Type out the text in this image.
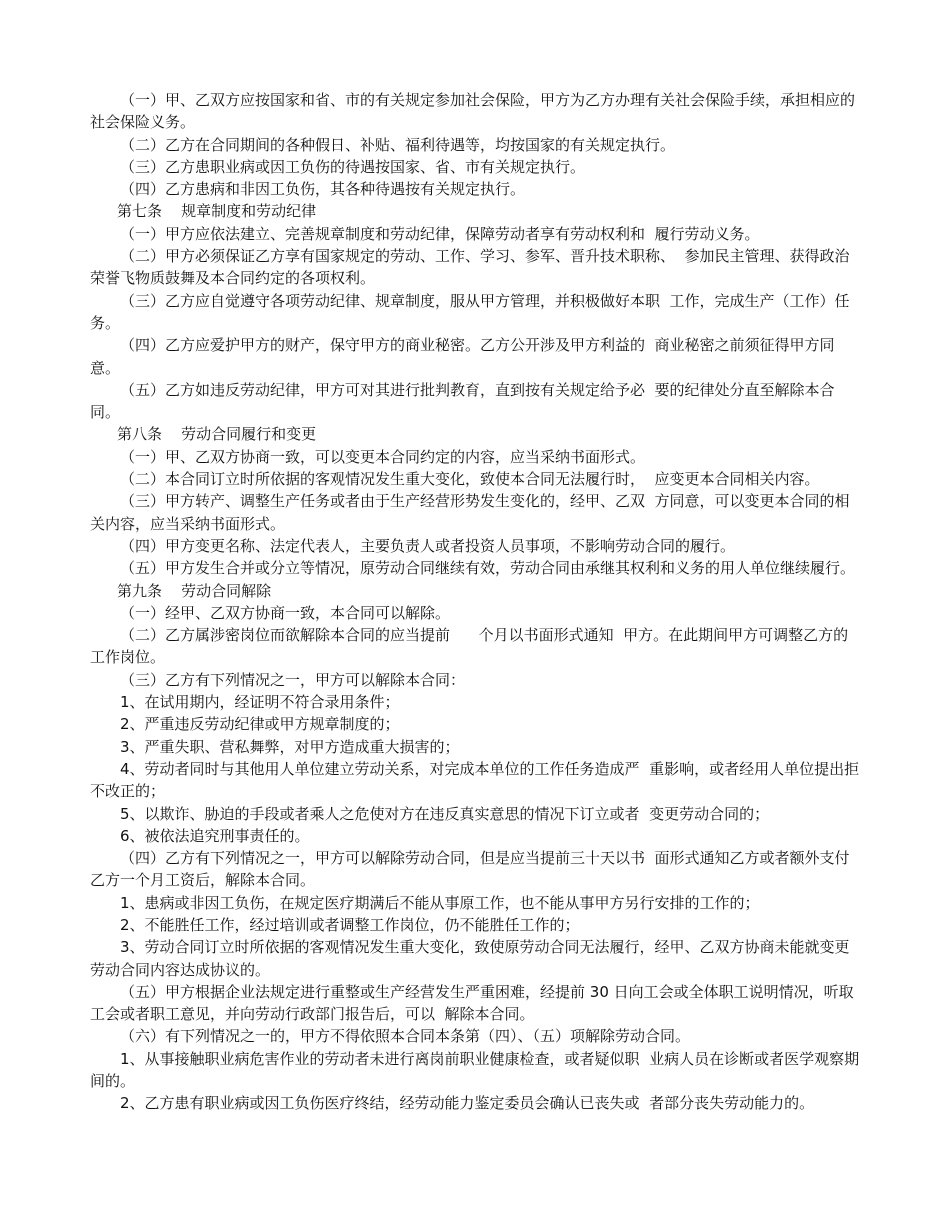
（一）甲、乙双方应按国家和省、市的有关规定参加社会保险，甲方为乙方办理有关社会保险手续，承担相应的社会保险义务。

（二）乙方在合同期间的各种假日、补贴、福利待遇等，均按国家的有关规定执行。

（三）乙方患职业病或因工负伤的待遇按国家、省、市有关规定执行。

（四）乙方患病和非因工负伤，其各种待遇按有关规定执行。

第七条    规章制度和劳动纪律

（一）甲方应依法建立、完善规章制度和劳动纪律，保障劳动者享有劳动权利和  履行劳动义务。

（二）甲方必须保证乙方享有国家规定的劳动、工作、学习、参军、晋升技术职称、  参加民主管理、获得政治荣誉飞物质鼓舞及本合同约定的各项权利。

（三）乙方应自觉遵守各项劳动纪律、规章制度，服从甲方管理，并积极做好本职  工作，完成生产（工作）任务。

（四）乙方应爱护甲方的财产，保守甲方的商业秘密。乙方公开涉及甲方利益的  商业秘密之前须征得甲方同意。

（五）乙方如违反劳动纪律，甲方可对其进行批判教育，直到按有关规定给予必  要的纪律处分直至解除本合同。

第八条    劳动合同履行和变更

（一）甲、乙双方协商一致，可以变更本合同约定的内容，应当采纳书面形式。

（二）本合同订立时所依据的客观情况发生重大变化，致使本合同无法履行时，  应变更本合同相关内容。

（三）甲方转产、调整生产任务或者由于生产经营形势发生变化的，经甲、乙双  方同意，可以变更本合同的相关内容，应当采纳书面形式。

（四）甲方变更名称、法定代表人，主要负责人或者投资人员事项，不影响劳动合同的履行。

（五）甲方发生合并或分立等情况，原劳动合同继续有效，劳动合同由承继其权利和义务的用人单位继续履行。

第九条    劳动合同解除

（一）经甲、乙双方协商一致，本合同可以解除。

（二）乙方属涉密岗位而欲解除本合同的应当提前      个月以书面形式通知  甲方。在此期间甲方可调整乙方的工作岗位。

（三）乙方有下列情况之一，甲方可以解除本合同：

1、在试用期内，经证明不符合录用条件；

2、严重违反劳动纪律或甲方规章制度的；

3、严重失职、营私舞弊，对甲方造成重大损害的；

4、劳动者同时与其他用人单位建立劳动关系，对完成本单位的工作任务造成严  重影响，或者经用人单位提出拒不改正的；

5、以欺诈、胁迫的手段或者乘人之危使对方在违反真实意思的情况下订立或者  变更劳动合同的；

6、被依法追究刑事责任的。

（四）乙方有下列情况之一，甲方可以解除劳动合同，但是应当提前三十天以书  面形式通知乙方或者额外支付乙方一个月工资后，解除本合同。

1、患病或非因工负伤，在规定医疗期满后不能从事原工作，也不能从事甲方另行安排的工作的；

2、不能胜任工作，经过培训或者调整工作岗位，仍不能胜任工作的；

3、劳动合同订立时所依据的客观情况发生重大变化，致使原劳动合同无法履行，经甲、乙双方协商未能就变更劳动合同内容达成协议的。

（五）甲方根据企业法规定进行重整或生产经营发生严重困难，经提前 30 日向工会或全体职工说明情况，听取工会或者职工意见，并向劳动行政部门报告后，可以  解除本合同。

（六）有下列情况之一的，甲方不得依照本合同本条第（四）、（五）项解除劳动合同。

1、从事接触职业病危害作业的劳动者未进行离岗前职业健康检查，或者疑似职  业病人员在诊断或者医学观察期间的。

2、乙方患有职业病或因工负伤医疗终结，经劳动能力鉴定委员会确认已丧失或  者部分丧失劳动能力的。
